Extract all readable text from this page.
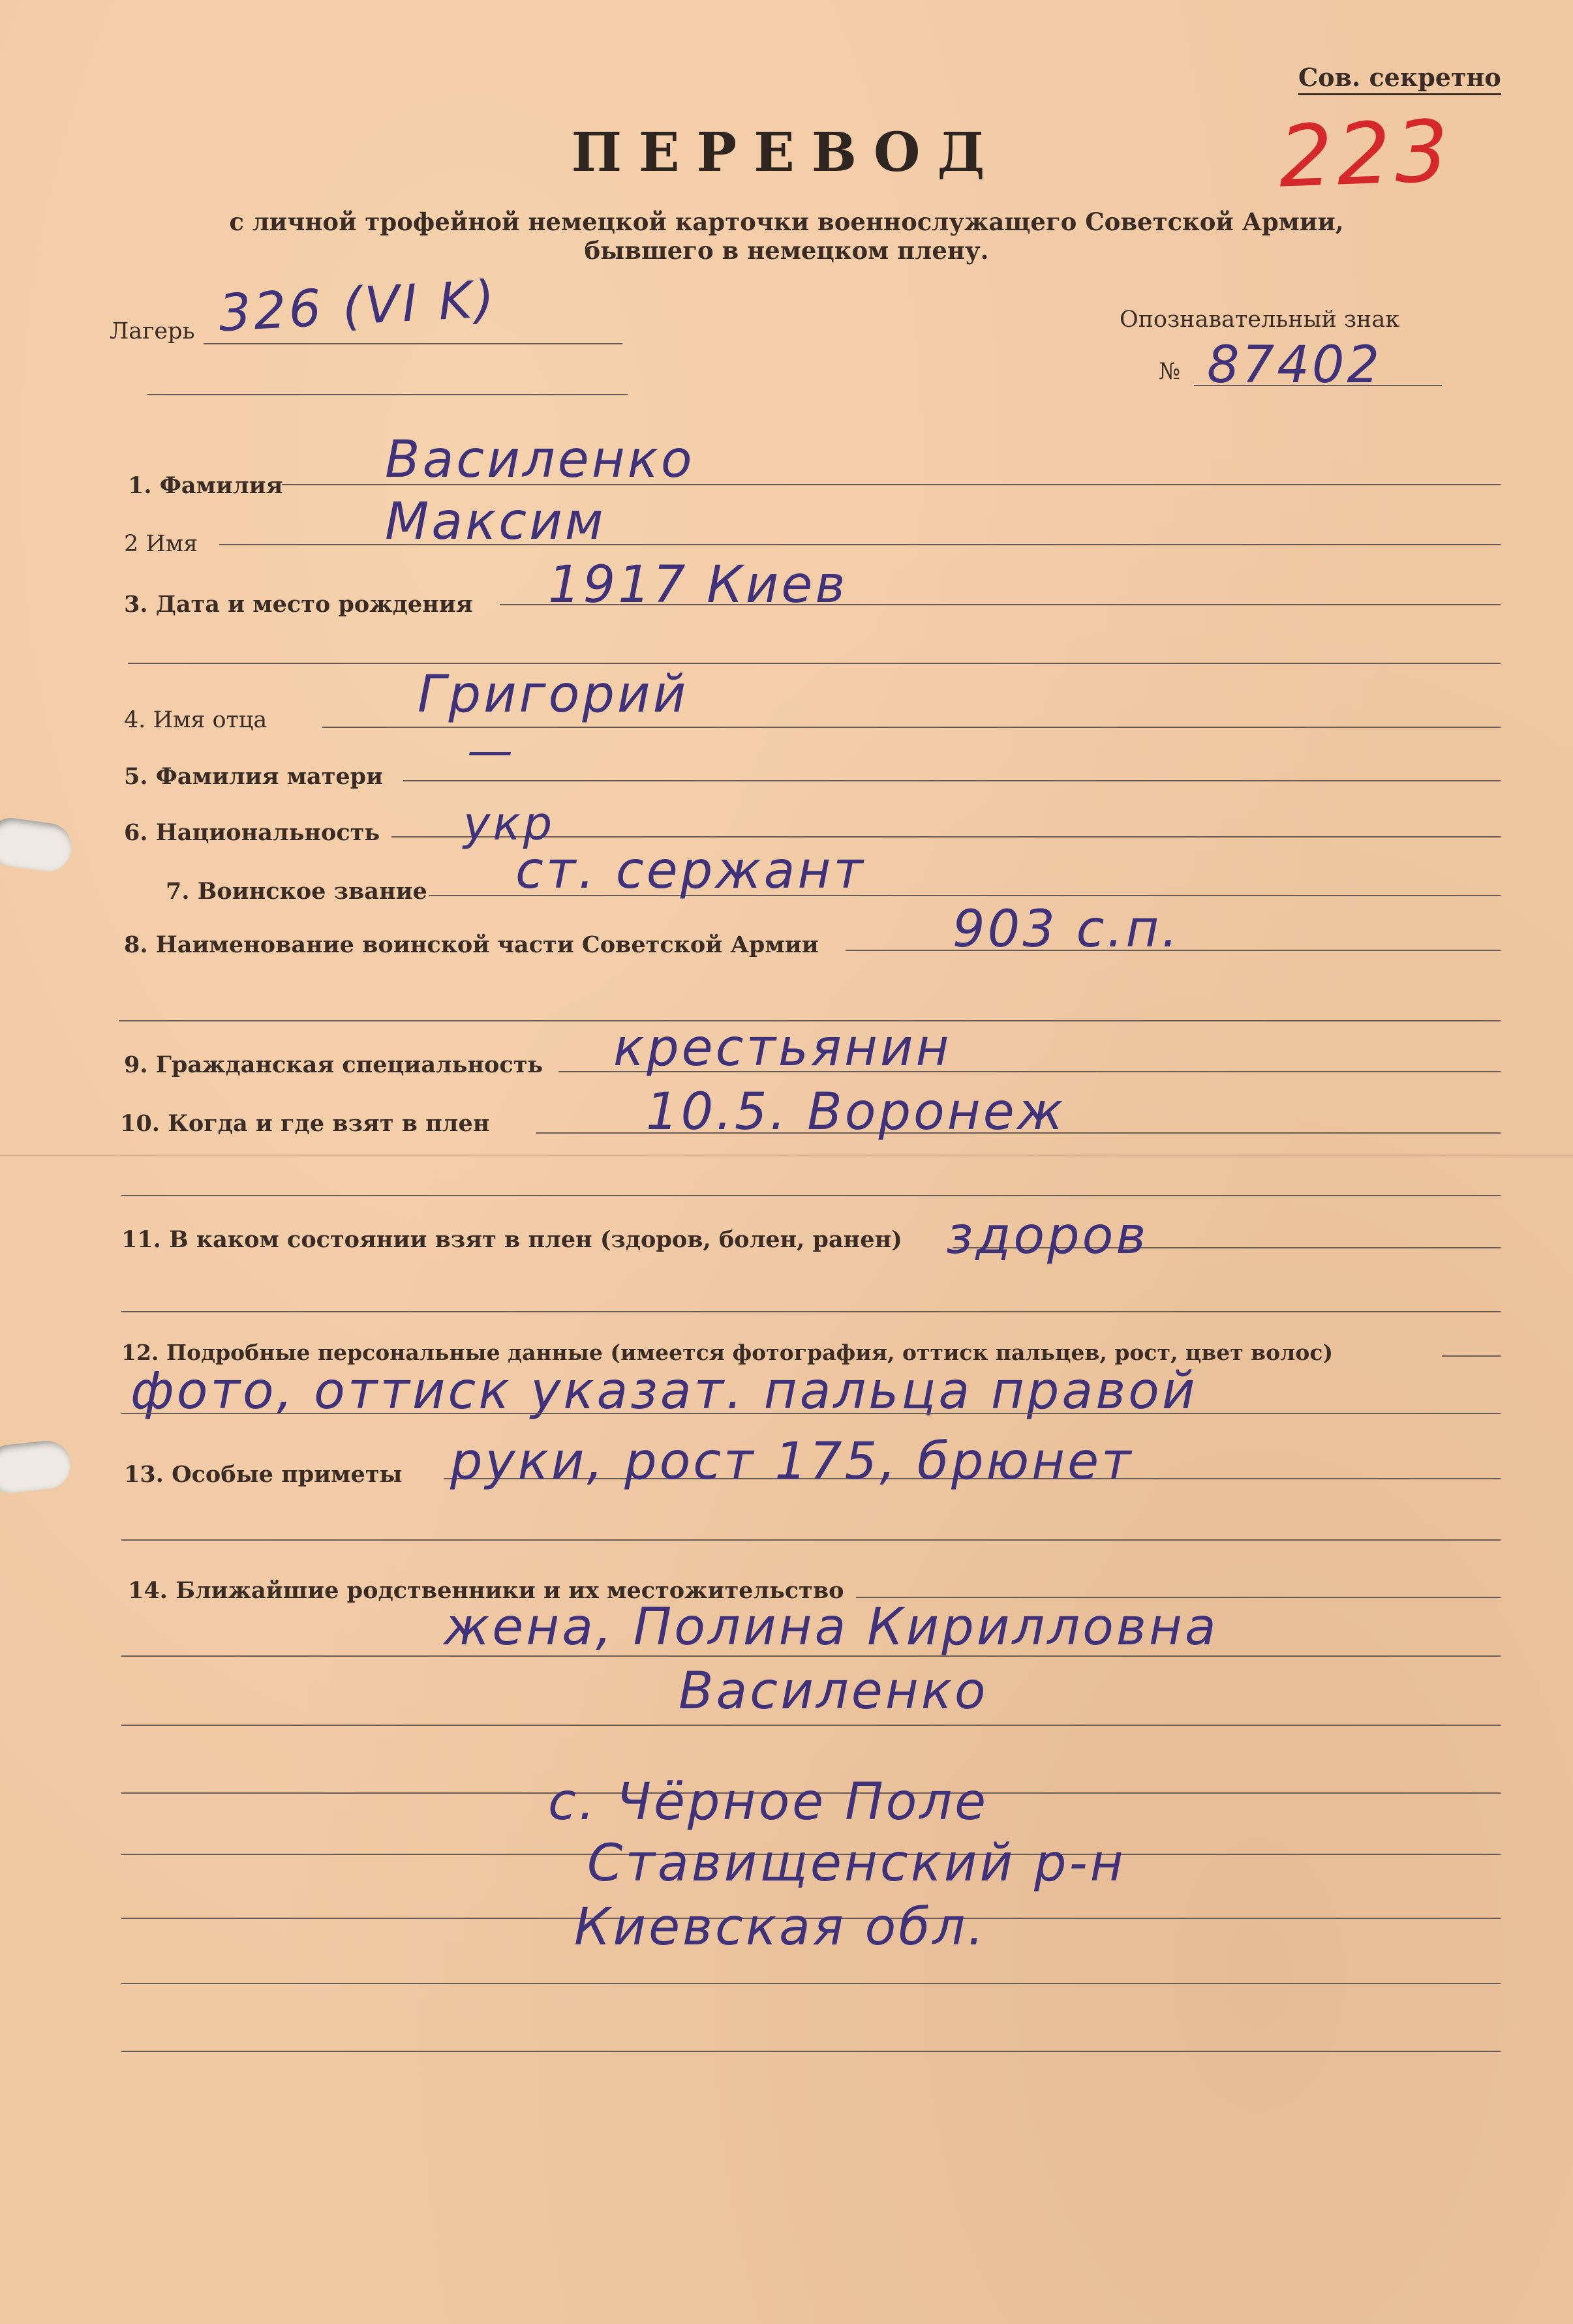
Сов. секретно
223
ПЕРЕВОД
с личной трофейной немецкой карточки военнослужащего Советской Армии,
бывшего в немецком плену.
Лагерь 326 (VI K)	Опознавательный знак
№ 87402
1. Фамилия Василенко
2 Имя	Максим
3. Дата и место рождения 1917 Киев
4. Имя отца	Григорий
5. Фамилия матери —
6. Национальность укр
7. Воинское звание ст. сержант
8. Наименование воинской части Советской Армии	903 с.п.
9. Гражданская специальность крестьянин
10. Когда и где взят в плен	10.5. Воронеж
11. В каком состоянии взят в плен (здоров, болен, ранен) здоров
12. Подробные персональные данные (имеется фотография, оттиск пальцев, рост, цвет волос)
фото, оттиск указат. пальца правой
13. Особые приметы руки, рост 175, брюнет
14. Ближайшие родственники и их местожительство
жена, Полина Кирилловна
Василенко
с. Чёрное Поле
Ставищенский р-н
Киевская обл.
